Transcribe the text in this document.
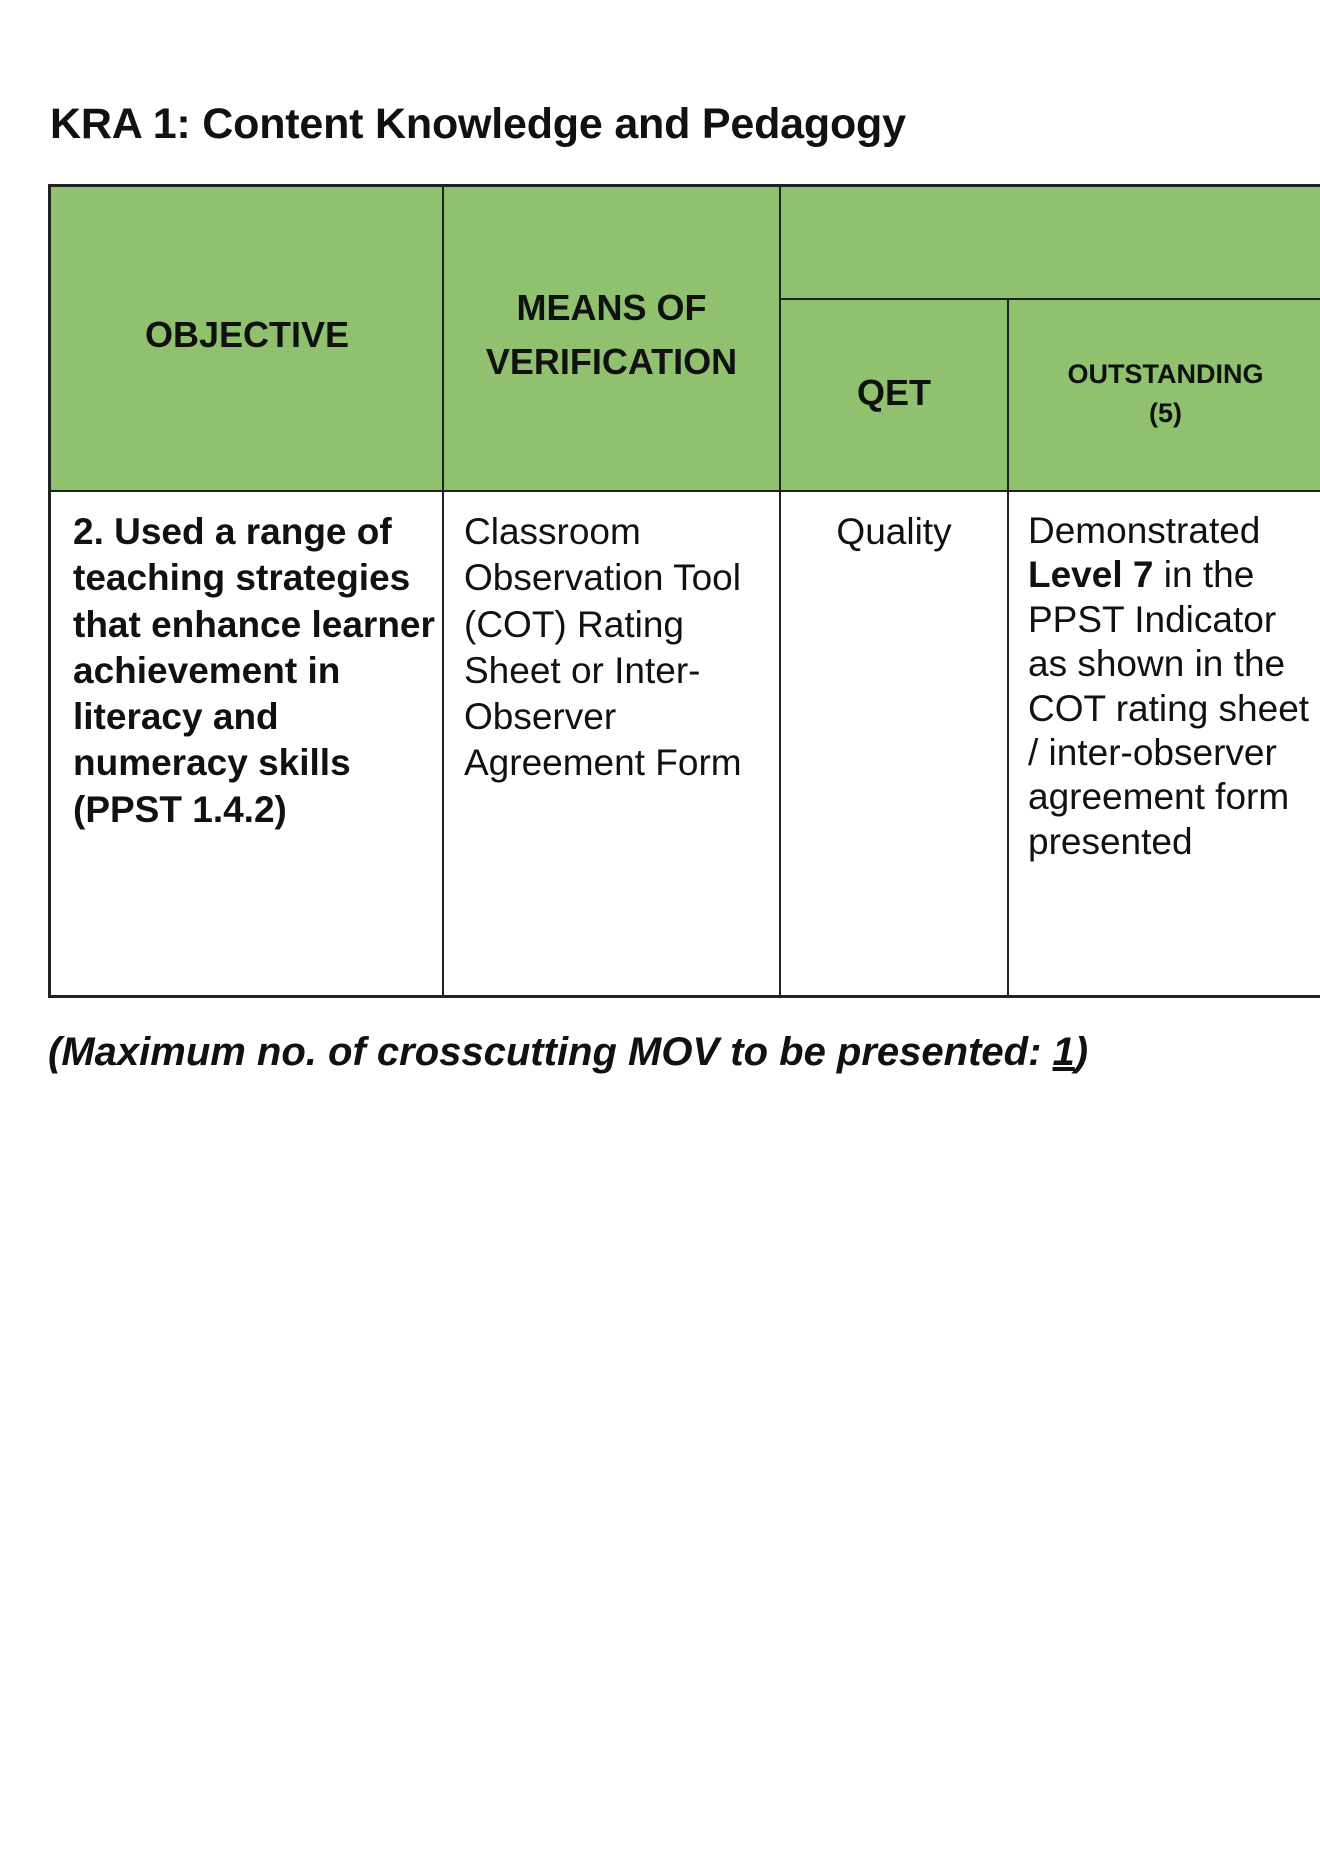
KRA 1: Content Knowledge and Pedagogy
OBJECTIVE
MEANS OF
VERIFICATION
QET	OUTSTANDING
(5)
2. Used a range of teaching strategies that enhance learner achievement in literacy and numeracy skills (PPST 1.4.2)
Classroom Observation Tool (COT) Rating Sheet or Inter-Observer Agreement Form
Quality	Demonstrated Level 7 in the PPST Indicator as shown in the COT rating sheet / inter-observer agreement form presented

(Maximum no. of crosscutting MOV to be presented: 1)
